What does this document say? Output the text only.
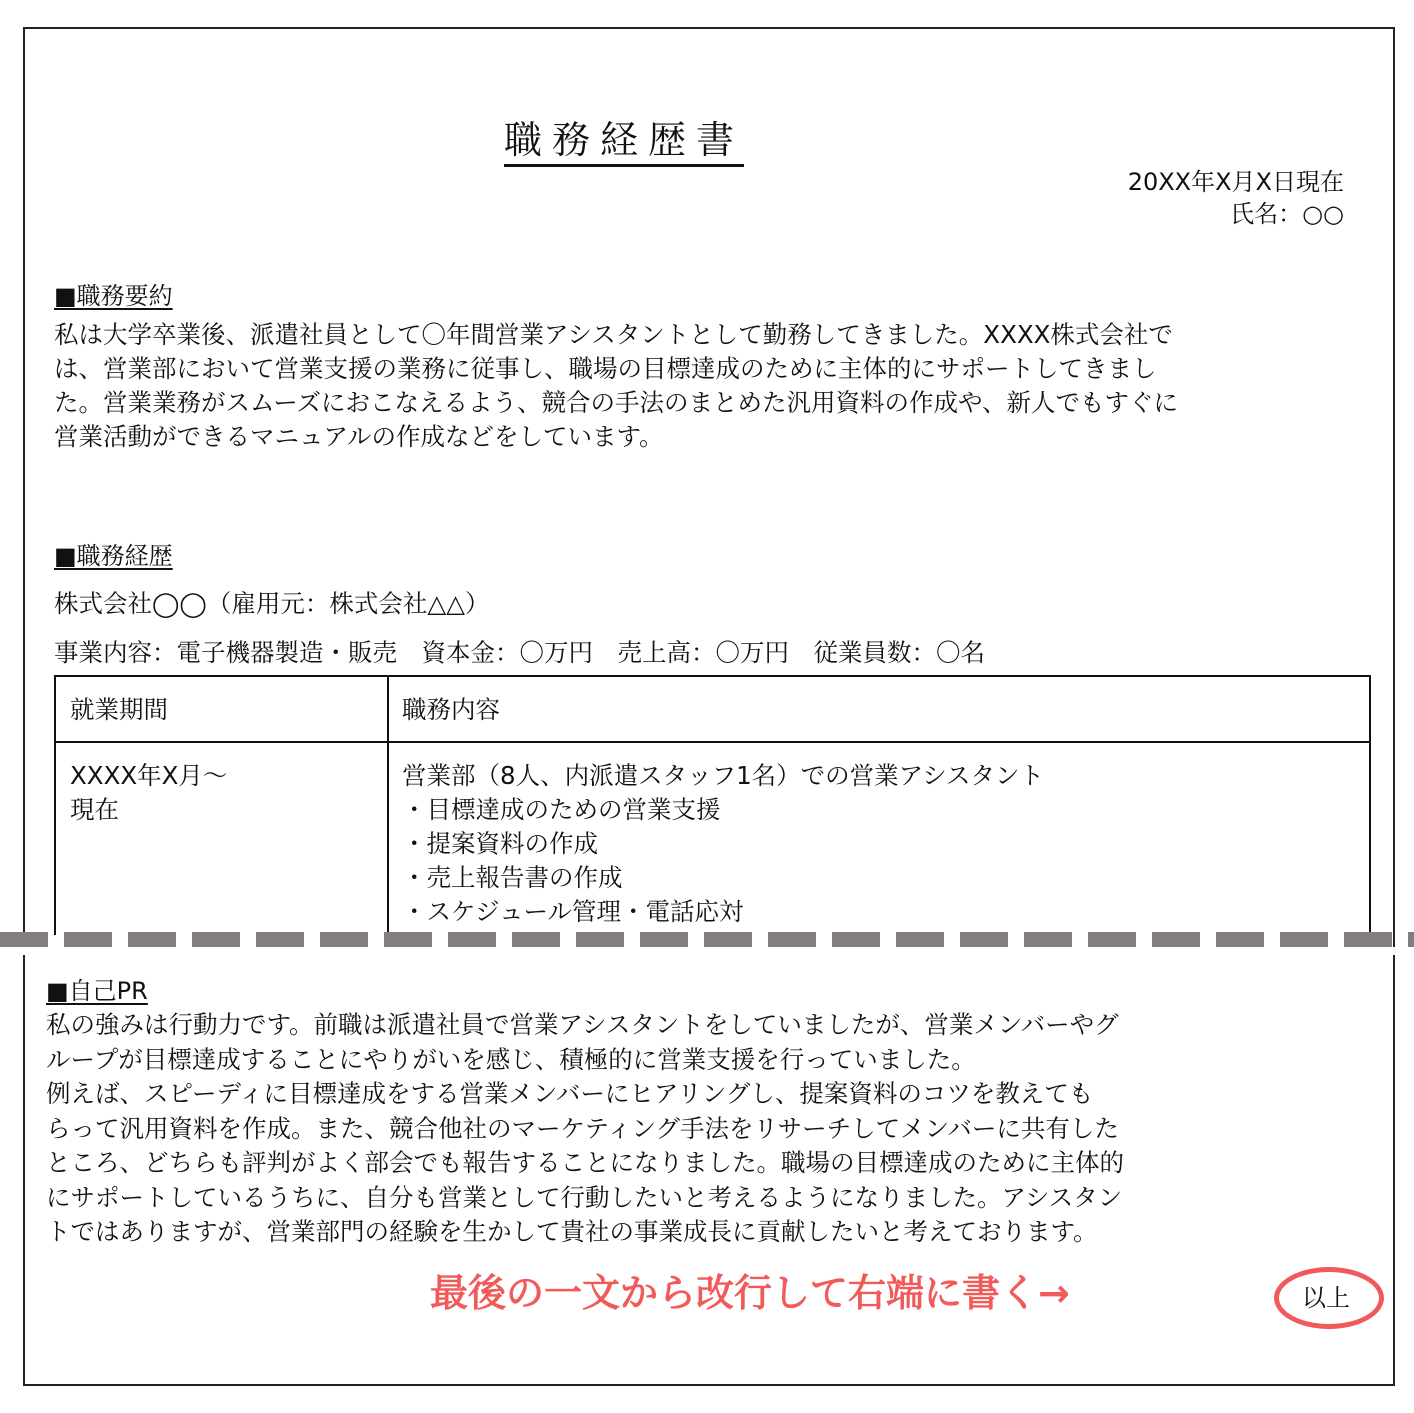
職務経歴書
20XX年X月X日現在
氏名：○○
■職務要約
私は大学卒業後、派遣社員として〇年間営業アシスタントとして勤務してきました。XXXX株式会社で
は、営業部において営業支援の業務に従事し、職場の目標達成のために主体的にサポートしてきまし
た。営業業務がスムーズにおこなえるよう、競合の手法のまとめた汎用資料の作成や、新人でもすぐに
営業活動ができるマニュアルの作成などをしています。
■職務経歴
株式会社◯◯（雇用元：株式会社△△）
事業内容：電子機器製造・販売　資本金：〇万円　売上高：〇万円　従業員数：〇名
就業期間	職務内容
XXXX年X月～
現在
営業部（8人、内派遣スタッフ1名）での営業アシスタント
・目標達成のための営業支援
・提案資料の作成
・売上報告書の作成
・スケジュール管理・電話応対
■自己PR
私の強みは行動力です。前職は派遣社員で営業アシスタントをしていましたが、営業メンバーやグ
ループが目標達成することにやりがいを感じ、積極的に営業支援を行っていました。
例えば、スピーディに目標達成をする営業メンバーにヒアリングし、提案資料のコツを教えても
らって汎用資料を作成。また、競合他社のマーケティング手法をリサーチしてメンバーに共有した
ところ、どちらも評判がよく部会でも報告することになりました。職場の目標達成のために主体的
にサポートしているうちに、自分も営業として行動したいと考えるようになりました。アシスタン
トではありますが、営業部門の経験を生かして貴社の事業成長に貢献したいと考えております。
最後の一文から改行して右端に書く→	以上
